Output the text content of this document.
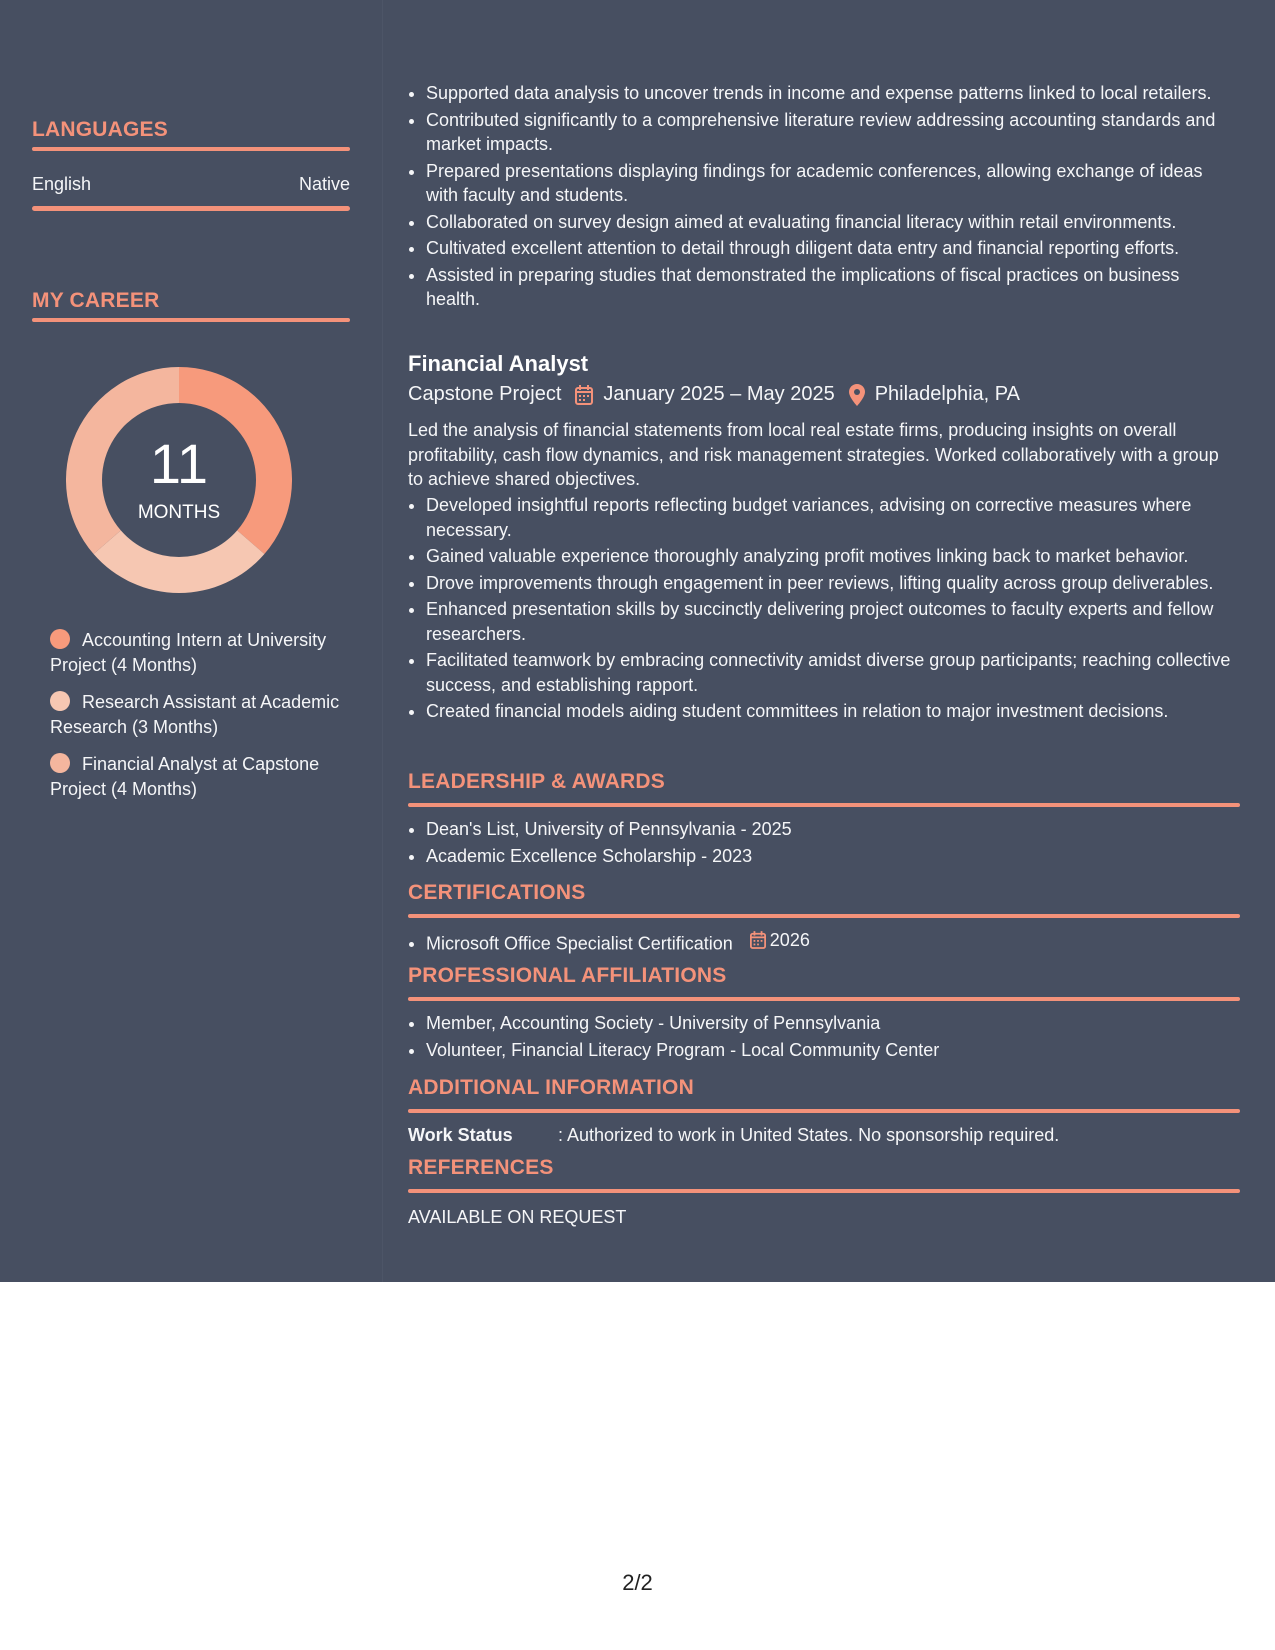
LANGUAGES
English	Native
MY CAREER
11
MONTHS
Accounting Intern at University Project (4 Months)
Research Assistant at Academic Research (3 Months)
Financial Analyst at Capstone Project (4 Months)
• Supported data analysis to uncover trends in income and expense patterns linked to local retailers.
• Contributed significantly to a comprehensive literature review addressing accounting standards and market impacts.
• Prepared presentations displaying findings for academic conferences, allowing exchange of ideas with faculty and students.
• Collaborated on survey design aimed at evaluating financial literacy within retail environments.
• Cultivated excellent attention to detail through diligent data entry and financial reporting efforts.
• Assisted in preparing studies that demonstrated the implications of fiscal practices on business health.
Financial Analyst
Capstone Project January 2025 – May 2025 Philadelphia, PA
Led the analysis of financial statements from local real estate firms, producing insights on overall profitability, cash flow dynamics, and risk management strategies. Worked collaboratively with a group to achieve shared objectives.
• Developed insightful reports reflecting budget variances, advising on corrective measures where necessary.
• Gained valuable experience thoroughly analyzing profit motives linking back to market behavior.
• Drove improvements through engagement in peer reviews, lifting quality across group deliverables.
• Enhanced presentation skills by succinctly delivering project outcomes to faculty experts and fellow researchers.
• Facilitated teamwork by embracing connectivity amidst diverse group participants; reaching collective success, and establishing rapport.
• Created financial models aiding student committees in relation to major investment decisions.
LEADERSHIP & AWARDS
• Dean's List, University of Pennsylvania - 2025
• Academic Excellence Scholarship - 2023
CERTIFICATIONS
• Microsoft Office Specialist Certification 2026
PROFESSIONAL AFFILIATIONS
• Member, Accounting Society - University of Pennsylvania
• Volunteer, Financial Literacy Program - Local Community Center
ADDITIONAL INFORMATION
Work Status	: Authorized to work in United States. No sponsorship required.
REFERENCES
AVAILABLE ON REQUEST
2/2
